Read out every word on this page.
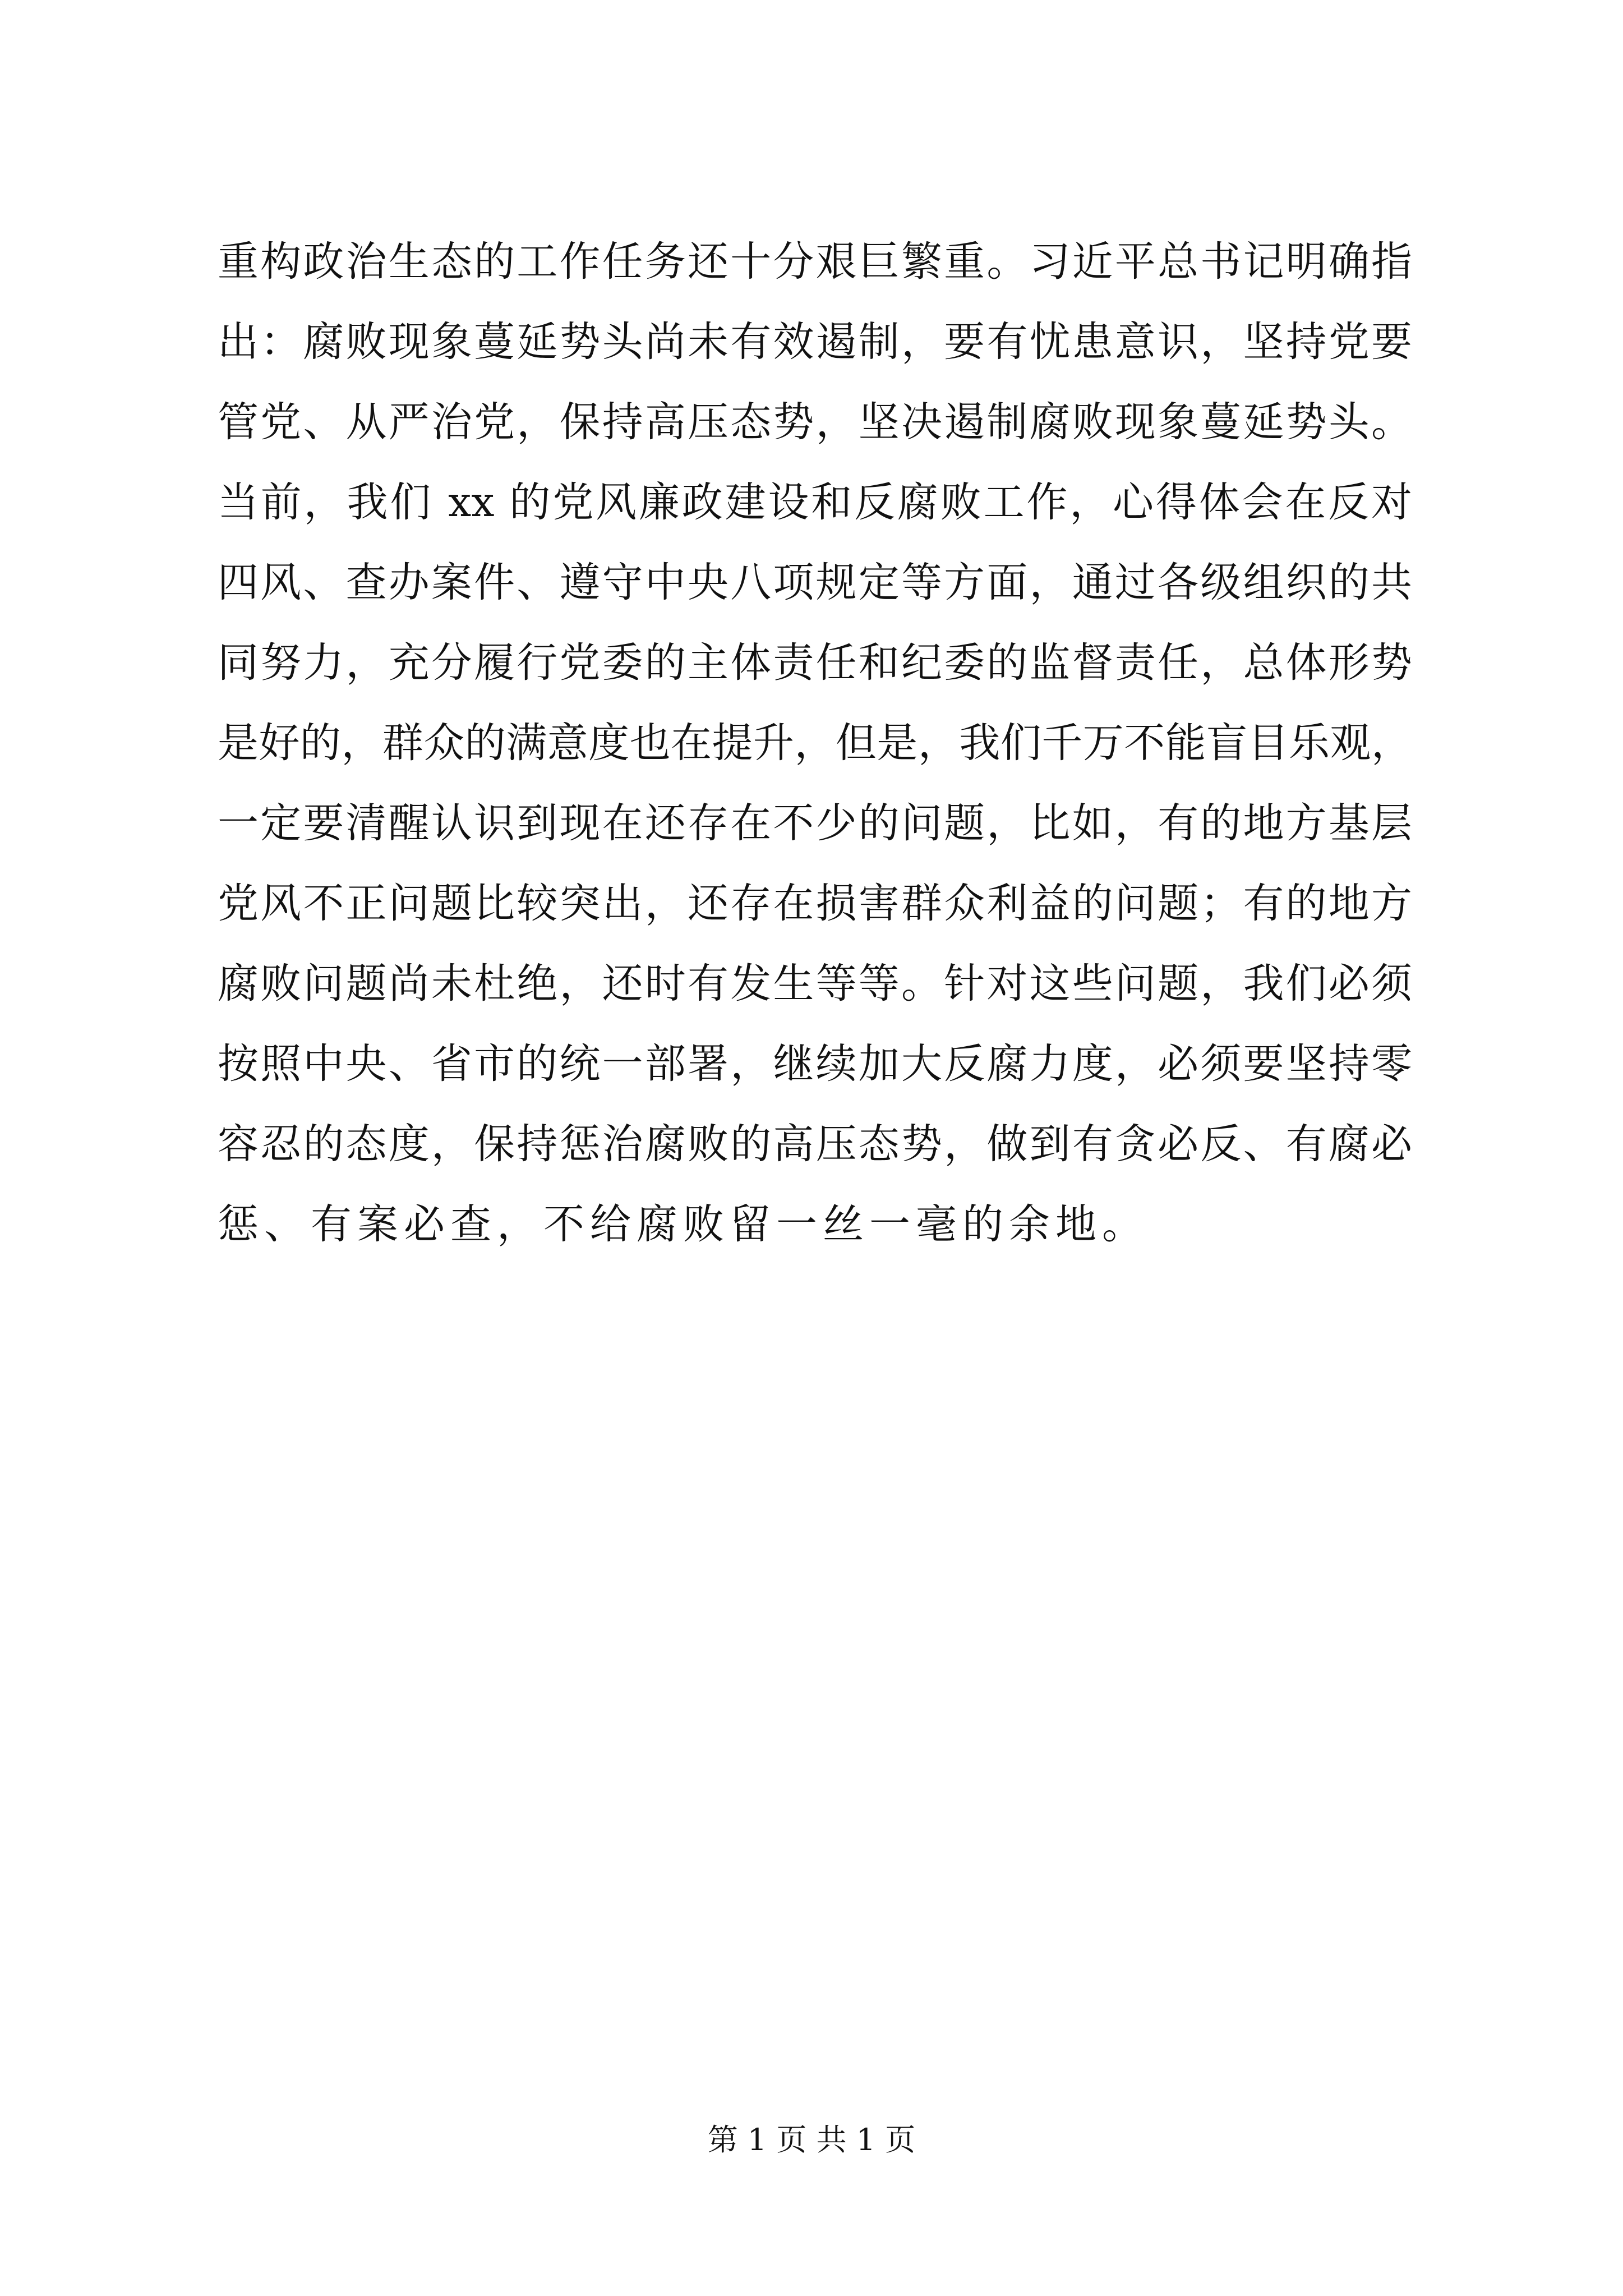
重构政治生态的工作任务还十分艰巨繁重。习近平总书记明确指
出：腐败现象蔓延势头尚未有效遏制，要有忧患意识，坚持党要
管党、从严治党，保持高压态势，坚决遏制腐败现象蔓延势头。
当前，我们 xx 的党风廉政建设和反腐败工作，心得体会在反对
四风、查办案件、遵守中央八项规定等方面，通过各级组织的共
同努力，充分履行党委的主体责任和纪委的监督责任，总体形势
是好的，群众的满意度也在提升，但是，我们千万不能盲目乐观，
一定要清醒认识到现在还存在不少的问题，比如，有的地方基层
党风不正问题比较突出，还存在损害群众利益的问题；有的地方
腐败问题尚未杜绝，还时有发生等等。针对这些问题，我们必须
按照中央、省市的统一部署，继续加大反腐力度，必须要坚持零
容忍的态度，保持惩治腐败的高压态势，做到有贪必反、有腐必
惩、有案必查，不给腐败留一丝一毫的余地。
第 1 页 共 1 页
